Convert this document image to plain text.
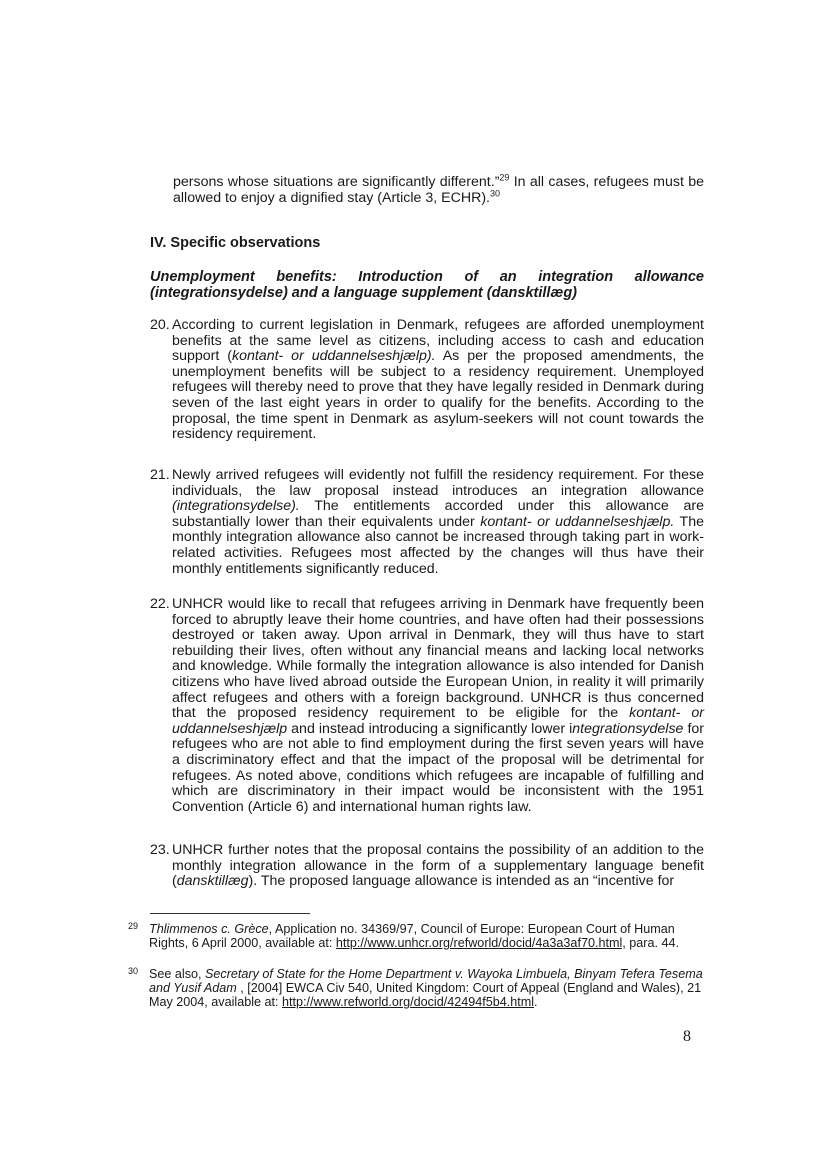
persons whose situations are significantly different.”$^{29}$ In all cases, refugees must be allowed to enjoy a dignified stay (Article 3, ECHR).$^{30}$
IV. Specific observations
Unemployment benefits: Introduction of an integration allowance (integrationsydelse) and a language supplement (dansktillæg)
20. According to current legislation in Denmark, refugees are afforded unemployment benefits at the same level as citizens, including access to cash and education support (kontant- or uddannelseshjælp). As per the proposed amendments, the unemployment benefits will be subject to a residency requirement. Unemployed refugees will thereby need to prove that they have legally resided in Denmark during seven of the last eight years in order to qualify for the benefits. According to the proposal, the time spent in Denmark as asylum-seekers will not count towards the residency requirement.
21. Newly arrived refugees will evidently not fulfill the residency requirement. For these individuals, the law proposal instead introduces an integration allowance (integrationsydelse). The entitlements accorded under this allowance are substantially lower than their equivalents under kontant- or uddannelseshjælp. The monthly integration allowance also cannot be increased through taking part in work-related activities. Refugees most affected by the changes will thus have their monthly entitlements significantly reduced.
22. UNHCR would like to recall that refugees arriving in Denmark have frequently been forced to abruptly leave their home countries, and have often had their possessions destroyed or taken away. Upon arrival in Denmark, they will thus have to start rebuilding their lives, often without any financial means and lacking local networks and knowledge. While formally the integration allowance is also intended for Danish citizens who have lived abroad outside the European Union, in reality it will primarily affect refugees and others with a foreign background. UNHCR is thus concerned that the proposed residency requirement to be eligible for the kontant- or uddannelseshjælp and instead introducing a significantly lower integrationsydelse for refugees who are not able to find employment during the first seven years will have a discriminatory effect and that the impact of the proposal will be detrimental for refugees. As noted above, conditions which refugees are incapable of fulfilling and which are discriminatory in their impact would be inconsistent with the 1951 Convention (Article 6) and international human rights law.
23. UNHCR further notes that the proposal contains the possibility of an addition to the monthly integration allowance in the form of a supplementary language benefit (dansktillæg). The proposed language allowance is intended as an “incentive for
29 Thlimmenos c. Grèce, Application no. 34369/97, Council of Europe: European Court of Human Rights, 6 April 2000, available at: http://www.unhcr.org/refworld/docid/4a3a3af70.html, para. 44.
30 See also, Secretary of State for the Home Department v. Wayoka Limbuela, Binyam Tefera Tesema and Yusif Adam , [2004] EWCA Civ 540, United Kingdom: Court of Appeal (England and Wales), 21 May 2004, available at: http://www.refworld.org/docid/42494f5b4.html.
8
